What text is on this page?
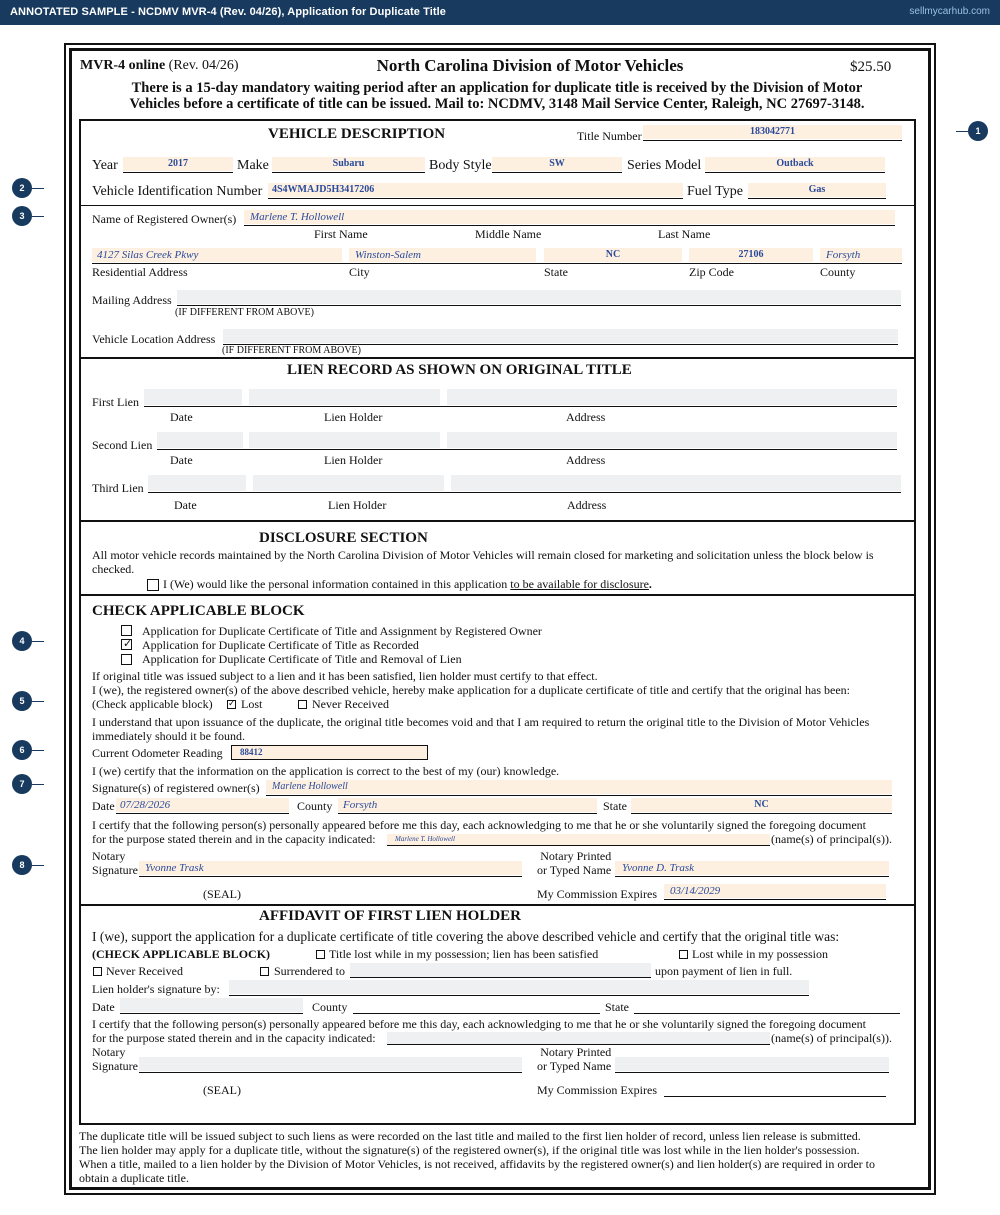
ANNOTATED SAMPLE - NCDMV MVR-4 (Rev. 04/26), Application for Duplicate Title	sellmycarhub.com
MVR-4 online (Rev. 04/26)	North Carolina Division of Motor Vehicles	$25.50
There is a 15-day mandatory waiting period after an application for duplicate title is received by the Division of Motor
Vehicles before a certificate of title can be issued. Mail to: NCDMV, 3148 Mail Service Center, Raleigh, NC 27697-3148.
VEHICLE DESCRIPTION	Title Number	183042771
Year	2017	Make	Subaru	Body Style	SW	Series Model	Outback
Vehicle Identification Number 4S4WMAJD5H3417206	Fuel Type	Gas
Name of Registered Owner(s) Marlene T. Hollowell
First Name	Middle Name	Last Name
4127 Silas Creek Pkwy	Winston-Salem	NC	27106	Forsyth
Residential Address	City	State	Zip Code	County
Mailing Address
(IF DIFFERENT FROM ABOVE)
Vehicle Location Address
(IF DIFFERENT FROM ABOVE)
LIEN RECORD AS SHOWN ON ORIGINAL TITLE
First Lien
Date	Lien Holder	Address
Second Lien
Date	Lien Holder	Address
Third Lien
Date	Lien Holder	Address
DISCLOSURE SECTION
All motor vehicle records maintained by the North Carolina Division of Motor Vehicles will remain closed for marketing and solicitation unless the block below is
checked.
I (We) would like the personal information contained in this application to be available for disclosure.
CHECK APPLICABLE BLOCK
Application for Duplicate Certificate of Title and Assignment by Registered Owner
✓
Application for Duplicate Certificate of Title as Recorded
Application for Duplicate Certificate of Title and Removal of Lien
If original title was issued subject to a lien and it has been satisfied, lien holder must certify to that effect.
I (we), the registered owner(s) of the above described vehicle, hereby make application for a duplicate certificate of title and certify that the original has been:
(Check applicable block)
✓ Lost	Never Received
I understand that upon issuance of the duplicate, the original title becomes void and that I am required to return the original title to the Division of Motor Vehicles
immediately should it be found.
Current Odometer Reading 88412
I (we) certify that the information on the application is correct to the best of my (our) knowledge.
Signature(s) of registered owner(s) Marlene Hollowell
Date 07/28/2026	County Forsyth	State	NC
I certify that the following person(s) personally appeared before me this day, each acknowledging to me that he or she voluntarily signed the foregoing document
for the purpose stated therein and in the capacity indicated:	Marlene T. Hollowell	(name(s) of principal(s)).
Notary
Signature Yvonne Trask
Notary Printed
or Typed Name Yvonne D. Trask
(SEAL)	My Commission Expires 03/14/2029
AFFIDAVIT OF FIRST LIEN HOLDER
I (we), support the application for a duplicate certificate of title covering the above described vehicle and certify that the original title was:
(CHECK APPLICABLE BLOCK)	Title lost while in my possession; lien has been satisfied	Lost while in my possession
Never Received	Surrendered to	upon payment of lien in full.
Lien holder's signature by:
Date	County	State
I certify that the following person(s) personally appeared before me this day, each acknowledging to me that he or she voluntarily signed the foregoing document
for the purpose stated therein and in the capacity indicated:	(name(s) of principal(s)).
Notary
Signature
Notary Printed
or Typed Name
(SEAL)	My Commission Expires
The duplicate title will be issued subject to such liens as were recorded on the last title and mailed to the first lien holder of record, unless lien release is submitted.
The lien holder may apply for a duplicate title, without the signature(s) of the registered owner(s), if the original title was lost while in the lien holder's possession.
When a title, mailed to a lien holder by the Division of Motor Vehicles, is not received, affidavits by the registered owner(s) and lien holder(s) are required in order to
obtain a duplicate title.
1
2
3
4
5
6
7
8
